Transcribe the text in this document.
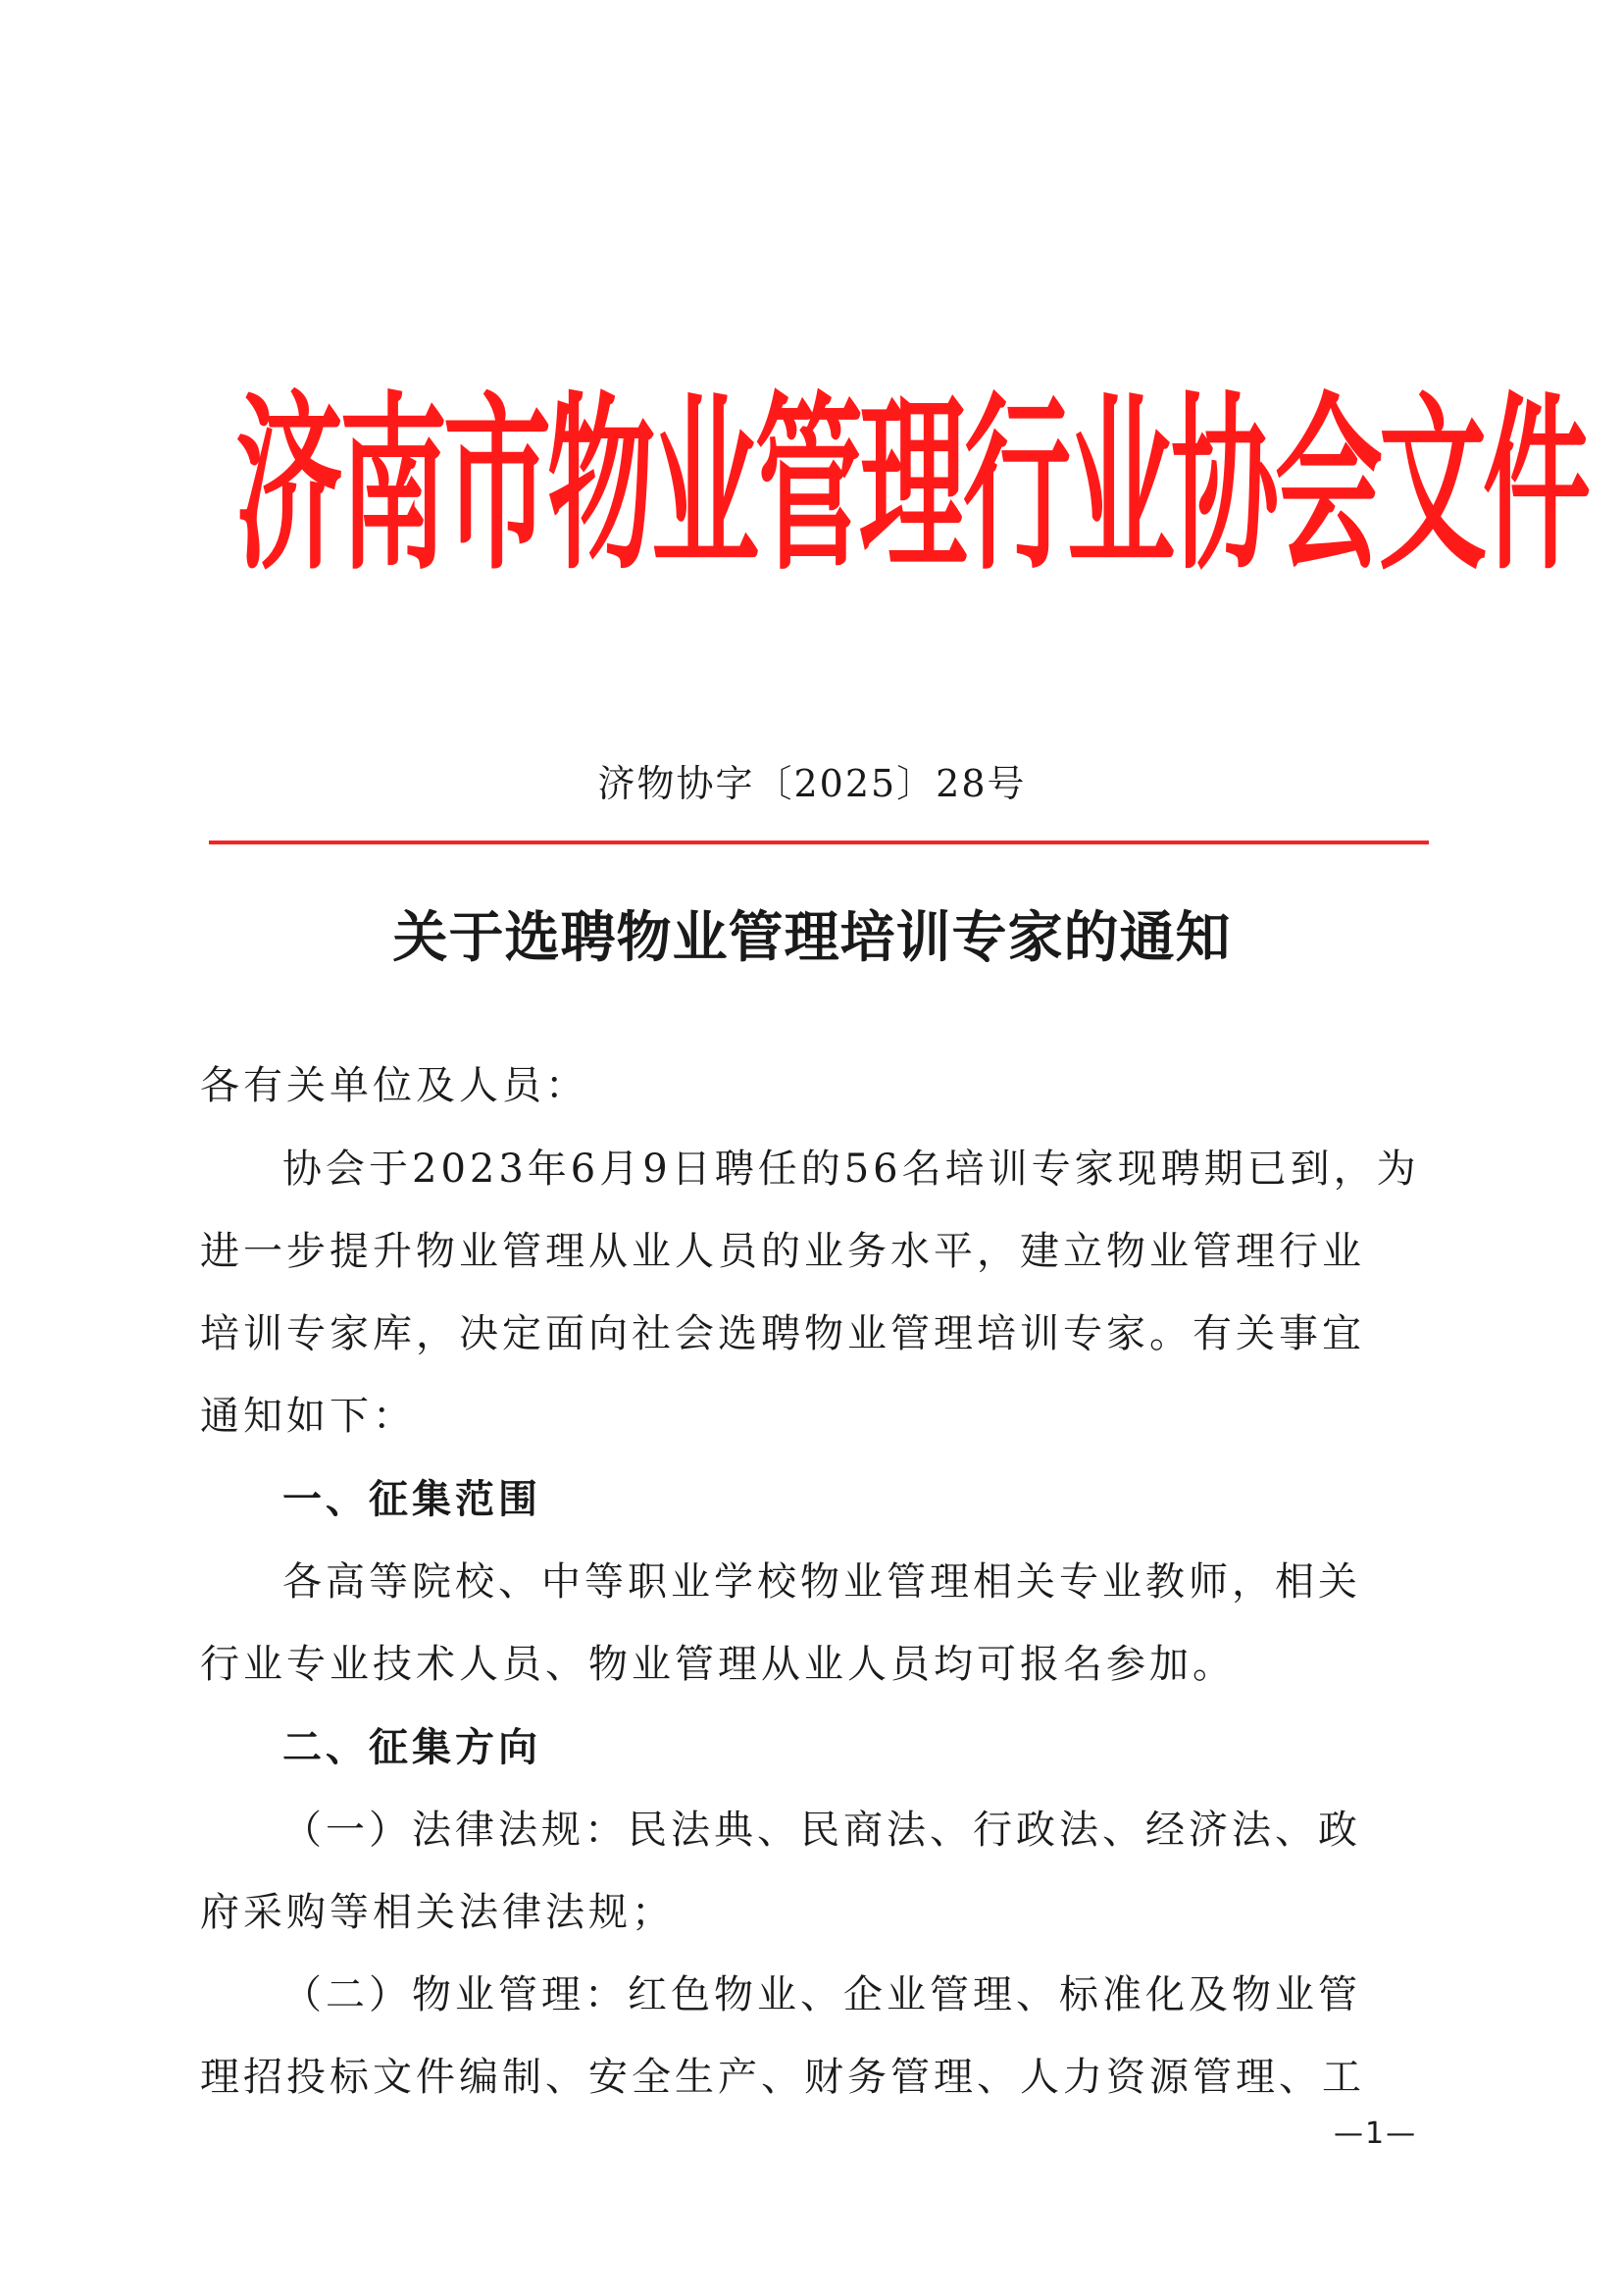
济南市物业管理行业协会文件
济物协字〔2025〕28号
关于选聘物业管理培训专家的通知
各有关单位及人员：
协会于2023年6月9日聘任的56名培训专家现聘期已到，为
进一步提升物业管理从业人员的业务水平，建立物业管理行业
培训专家库，决定面向社会选聘物业管理培训专家。有关事宜
通知如下：
一、征集范围
各高等院校、中等职业学校物业管理相关专业教师，相关
行业专业技术人员、物业管理从业人员均可报名参加。
二、征集方向
（一）法律法规：民法典、民商法、行政法、经济法、政
府采购等相关法律法规；
（二）物业管理：红色物业、企业管理、标准化及物业管
理招投标文件编制、安全生产、财务管理、人力资源管理、工
—1—
